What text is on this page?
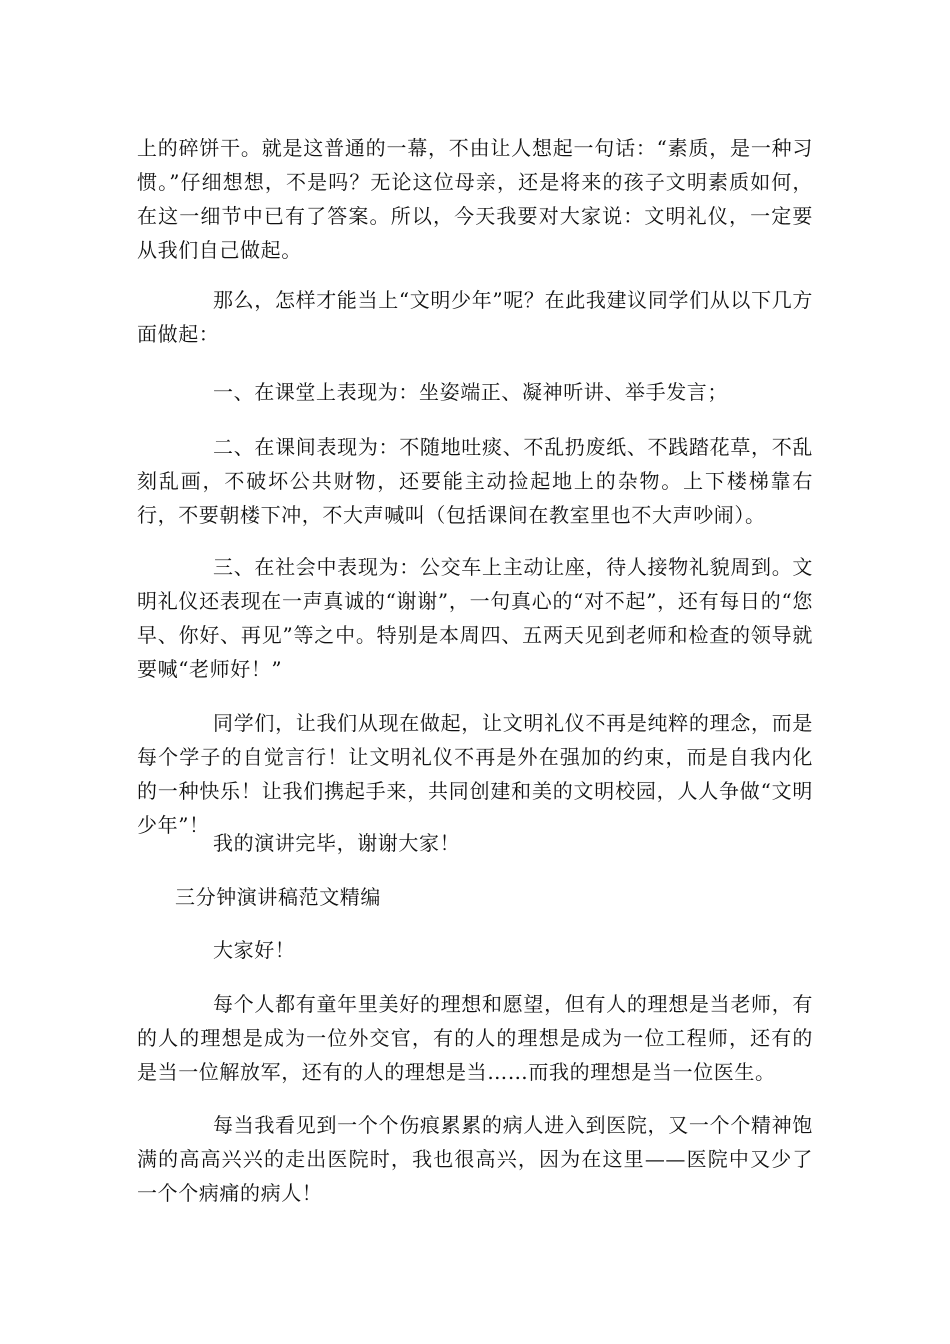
上的碎饼干。就是这普通的一幕，不由让人想起一句话：“素质，是一种习惯。”仔细想想，不是吗？无论这位母亲，还是将来的孩子文明素质如何，在这一细节中已有了答案。所以，今天我要对大家说：文明礼仪，一定要从我们自己做起。

那么，怎样才能当上“文明少年”呢？在此我建议同学们从以下几方面做起：

一、在课堂上表现为：坐姿端正、凝神听讲、举手发言；

二、在课间表现为：不随地吐痰、不乱扔废纸、不践踏花草，不乱刻乱画，不破坏公共财物，还要能主动捡起地上的杂物。上下楼梯靠右行，不要朝楼下冲，不大声喊叫（包括课间在教室里也不大声吵闹）。

三、在社会中表现为：公交车上主动让座，待人接物礼貌周到。文明礼仪还表现在一声真诚的“谢谢”，一句真心的“对不起”，还有每日的“您早、你好、再见”等之中。特别是本周四、五两天见到老师和检查的领导就要喊“老师好！”

同学们，让我们从现在做起，让文明礼仪不再是纯粹的理念，而是每个学子的自觉言行！让文明礼仪不再是外在强加的约束，而是自我内化的一种快乐！让我们携起手来，共同创建和美的文明校园，人人争做“文明少年”！

我的演讲完毕，谢谢大家！

三分钟演讲稿范文精编

大家好！

每个人都有童年里美好的理想和愿望，但有人的理想是当老师，有的人的理想是成为一位外交官，有的人的理想是成为一位工程师，还有的是当一位解放军，还有的人的理想是当……而我的理想是当一位医生。

每当我看见到一个个伤痕累累的病人进入到医院，又一个个精神饱满的高高兴兴的走出医院时，我也很高兴，因为在这里——医院中又少了一个个病痛的病人！
